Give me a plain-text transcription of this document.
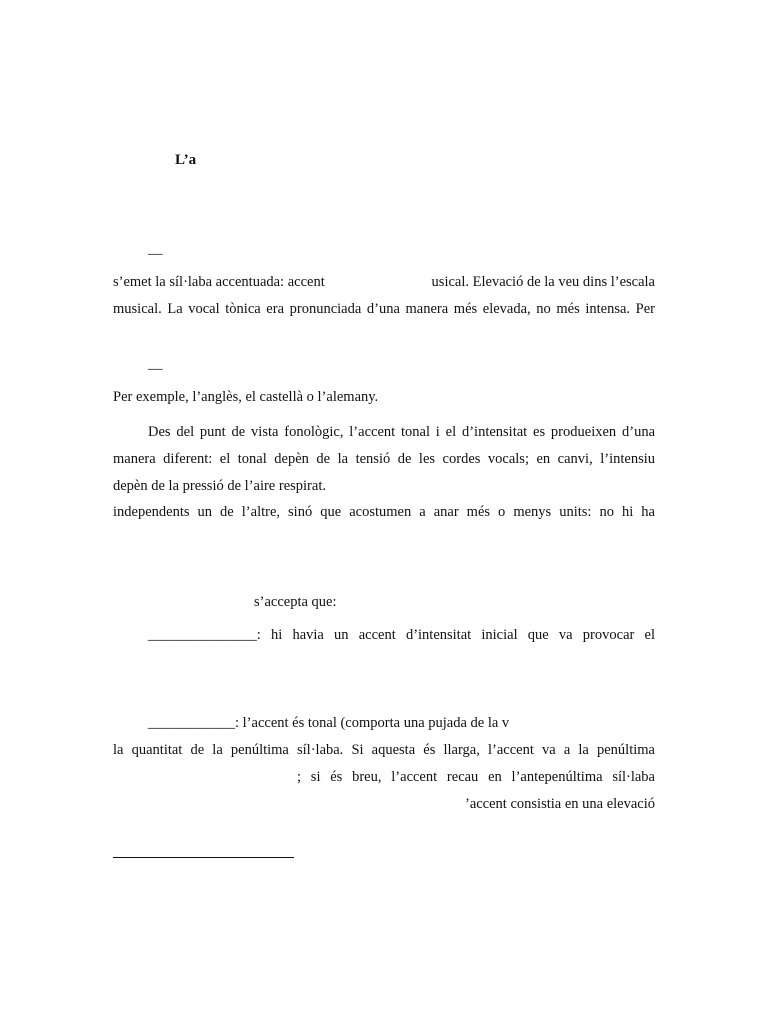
L’a
—
s’emet la síl·laba accentuada: accent	usical. Elevació de la veu dins l’escala
musical. La vocal tònica era pronunciada d’una manera més elevada, no més intensa. Per
—
Per exemple, l’anglès, el castellà o l’alemany.
Des del punt de vista fonològic, l’accent tonal i el d’intensitat es produeixen d’una
manera diferent: el tonal depèn de la tensió de les cordes vocals; en canvi, l’intensiu
depèn de la pressió de l’aire respirat.
independents un de l’altre, sinó que acostumen a anar més o menys units: no hi ha
s’accepta que:
_______________: hi havia un accent d’intensitat inicial que va provocar el
____________: l’accent és tonal (comporta una pujada de la v
la quantitat de la penúltima síl·laba. Si aquesta és llarga, l’accent va a la penúltima
; si és breu, l’accent recau en l’antepenúltima síl·laba
’accent consistia en una elevació
